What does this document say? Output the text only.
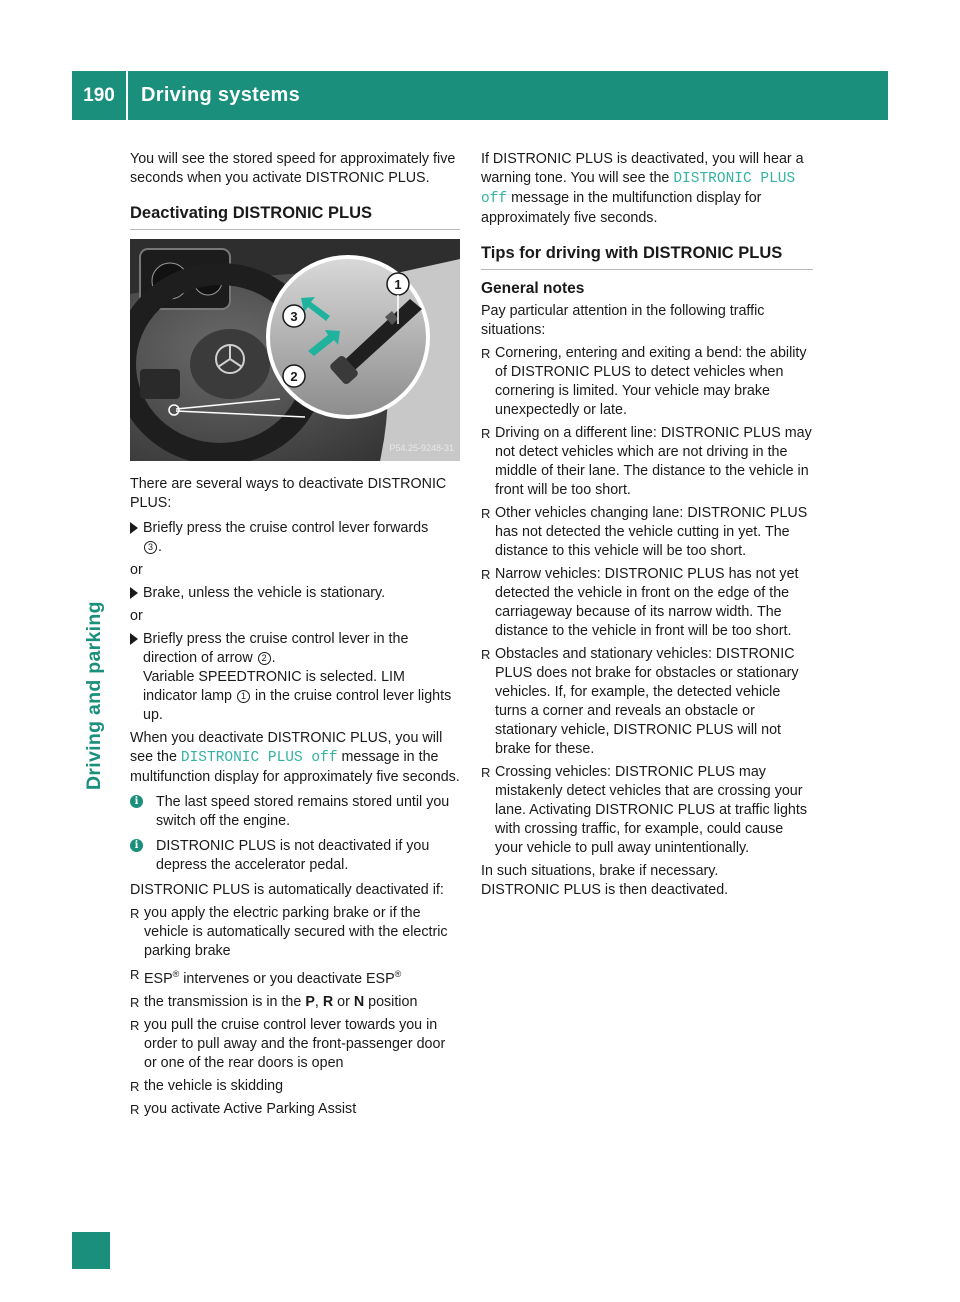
190	Driving systems
Driving and parking

You will see the stored speed for approximately five seconds when you activate DISTRONIC PLUS.

Deactivating DISTRONIC PLUS
1
3
2
P54.25-9248-31

There are several ways to deactivate DISTRONIC PLUS:

Briefly press the cruise control lever forwards
3 .

or

Brake, unless the vehicle is stationary.

or

Briefly press the cruise control lever in the direction of arrow 2 .
Variable SPEEDTRONIC is selected. LIM indicator lamp 1 in the cruise control lever lights up.

When you deactivate DISTRONIC PLUS, you will see the DISTRONIC PLUS off message in the multifunction display for approximately five seconds.

i	The last speed stored remains stored until you switch off the engine.
i	DISTRONIC PLUS is not deactivated if you depress the accelerator pedal.

DISTRONIC PLUS is automatically deactivated if:

R you apply the electric parking brake or if the vehicle is automatically secured with the electric parking brake
R ESP® intervenes or you deactivate ESP®
R the transmission is in the P, R or N position
R you pull the cruise control lever towards you in order to pull away and the front-passenger door or one of the rear doors is open
R the vehicle is skidding
R you activate Active Parking Assist

If DISTRONIC PLUS is deactivated, you will hear a warning tone. You will see the DISTRONIC PLUS off message in the multifunction display for approximately five seconds.

Tips for driving with DISTRONIC PLUS
General notes

Pay particular attention in the following traffic situations:

R Cornering, entering and exiting a bend: the ability of DISTRONIC PLUS to detect vehicles when cornering is limited. Your vehicle may brake unexpectedly or late.
R Driving on a different line: DISTRONIC PLUS may not detect vehicles which are not driving in the middle of their lane. The distance to the vehicle in front will be too short.
R Other vehicles changing lane: DISTRONIC PLUS has not detected the vehicle cutting in yet. The distance to this vehicle will be too short.
R Narrow vehicles: DISTRONIC PLUS has not yet detected the vehicle in front on the edge of the carriageway because of its narrow width. The distance to the vehicle in front will be too short.
R Obstacles and stationary vehicles: DISTRONIC PLUS does not brake for obstacles or stationary vehicles. If, for example, the detected vehicle turns a corner and reveals an obstacle or stationary vehicle, DISTRONIC PLUS will not brake for these.
R Crossing vehicles: DISTRONIC PLUS may mistakenly detect vehicles that are crossing your lane. Activating DISTRONIC PLUS at traffic lights with crossing traffic, for example, could cause your vehicle to pull away unintentionally.

In such situations, brake if necessary.

DISTRONIC PLUS is then deactivated.
